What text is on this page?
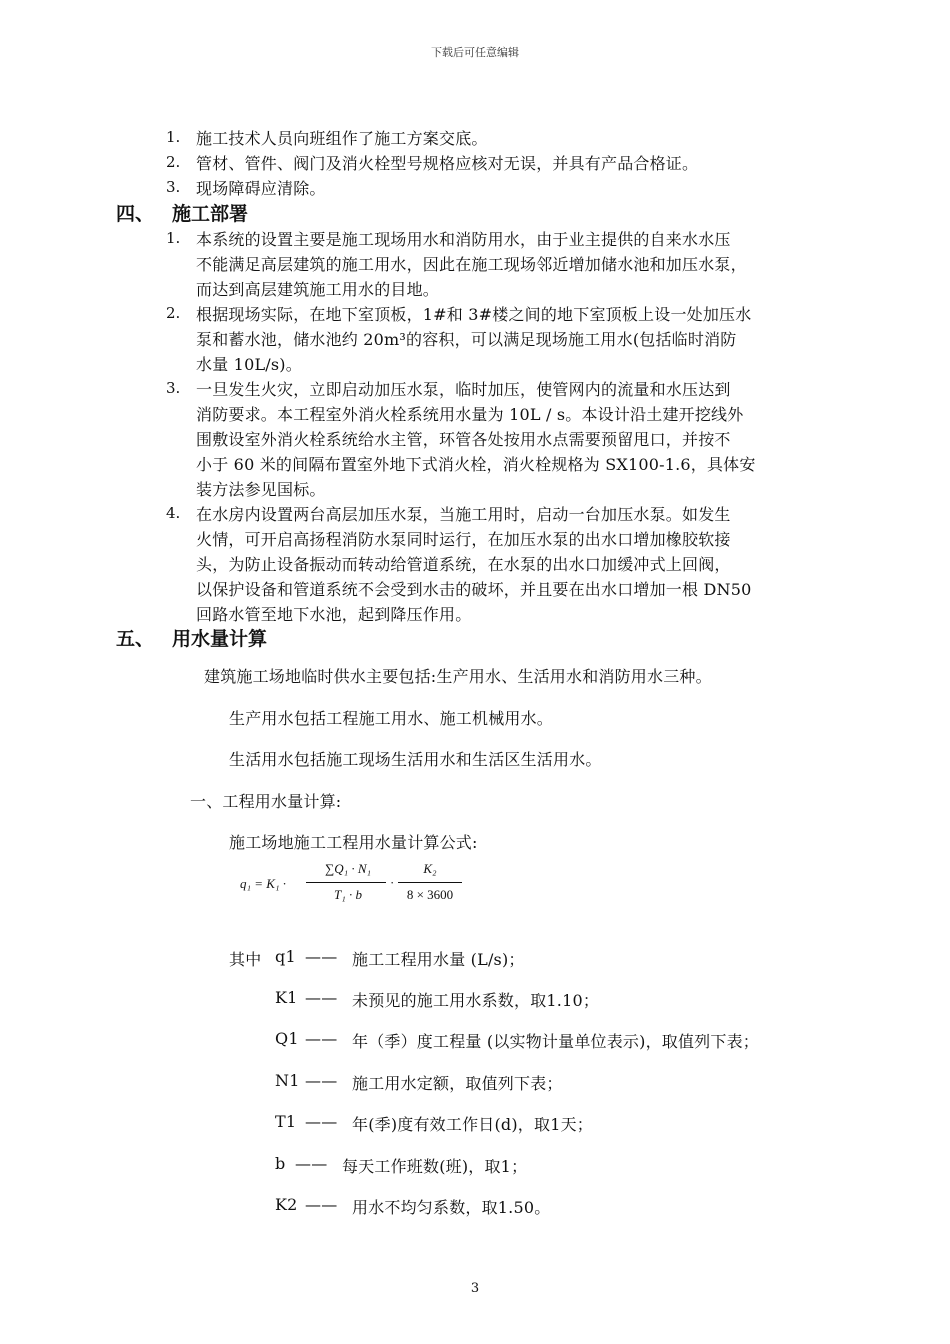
下载后可任意编辑
1. 施工技术人员向班组作了施工方案交底。
2. 管材、管件、阀门及消火栓型号规格应核对无误，并具有产品合格证。
3. 现场障碍应清除。
四、 施工部署
1. 本系统的设置主要是施工现场用水和消防用水，由于业主提供的自来水水压
不能满足高层建筑的施工用水，因此在施工现场邻近增加储水池和加压水泵，
而达到高层建筑施工用水的目地。
2. 根据现场实际，在地下室顶板，1#和 3#楼之间的地下室顶板上设一处加压水
泵和蓄水池，储水池约 20m³的容积，可以满足现场施工用水(包括临时消防
水量 10L/s)。
3. 一旦发生火灾，立即启动加压水泵，临时加压，使管网内的流量和水压达到
消防要求。本工程室外消火栓系统用水量为 10L / s。本设计沿土建开挖线外
围敷设室外消火栓系统给水主管，环管各处按用水点需要预留甩口，并按不
小于 60 米的间隔布置室外地下式消火栓，消火栓规格为 SX100-1.6，具体安
装方法参见国标。
4. 在水房内设置两台高层加压水泵，当施工用时，启动一台加压水泵。如发生
火情，可开启高扬程消防水泵同时运行，在加压水泵的出水口增加橡胶软接
头，为防止设备振动而转动给管道系统，在水泵的出水口加缓冲式上回阀，
以保护设备和管道系统不会受到水击的破坏，并且要在出水口增加一根 DN50
回路水管至地下水池，起到降压作用。
五、 用水量计算
建筑施工场地临时供水主要包括:生产用水、生活用水和消防用水三种。
生产用水包括工程施工用水、施工机械用水。
生活用水包括施工现场生活用水和生活区生活用水。
一、工程用水量计算:
施工场地施工工程用水量计算公式:
q₁ = K₁ ·
∑Q₁ · N₁
T₁ · b
·
K₂
8 × 3600
其中 q1 —— 施工工程用水量 (L/s)；
K1 —— 未预见的施工用水系数，取1.10；
Q1 —— 年（季）度工程量 (以实物计量单位表示)，取值列下表；
N1 —— 施工用水定额，取值列下表；
T1 —— 年(季)度有效工作日(d)，取1天；
b —— 每天工作班数(班)，取1；
K2 —— 用水不均匀系数，取1.50。
3
